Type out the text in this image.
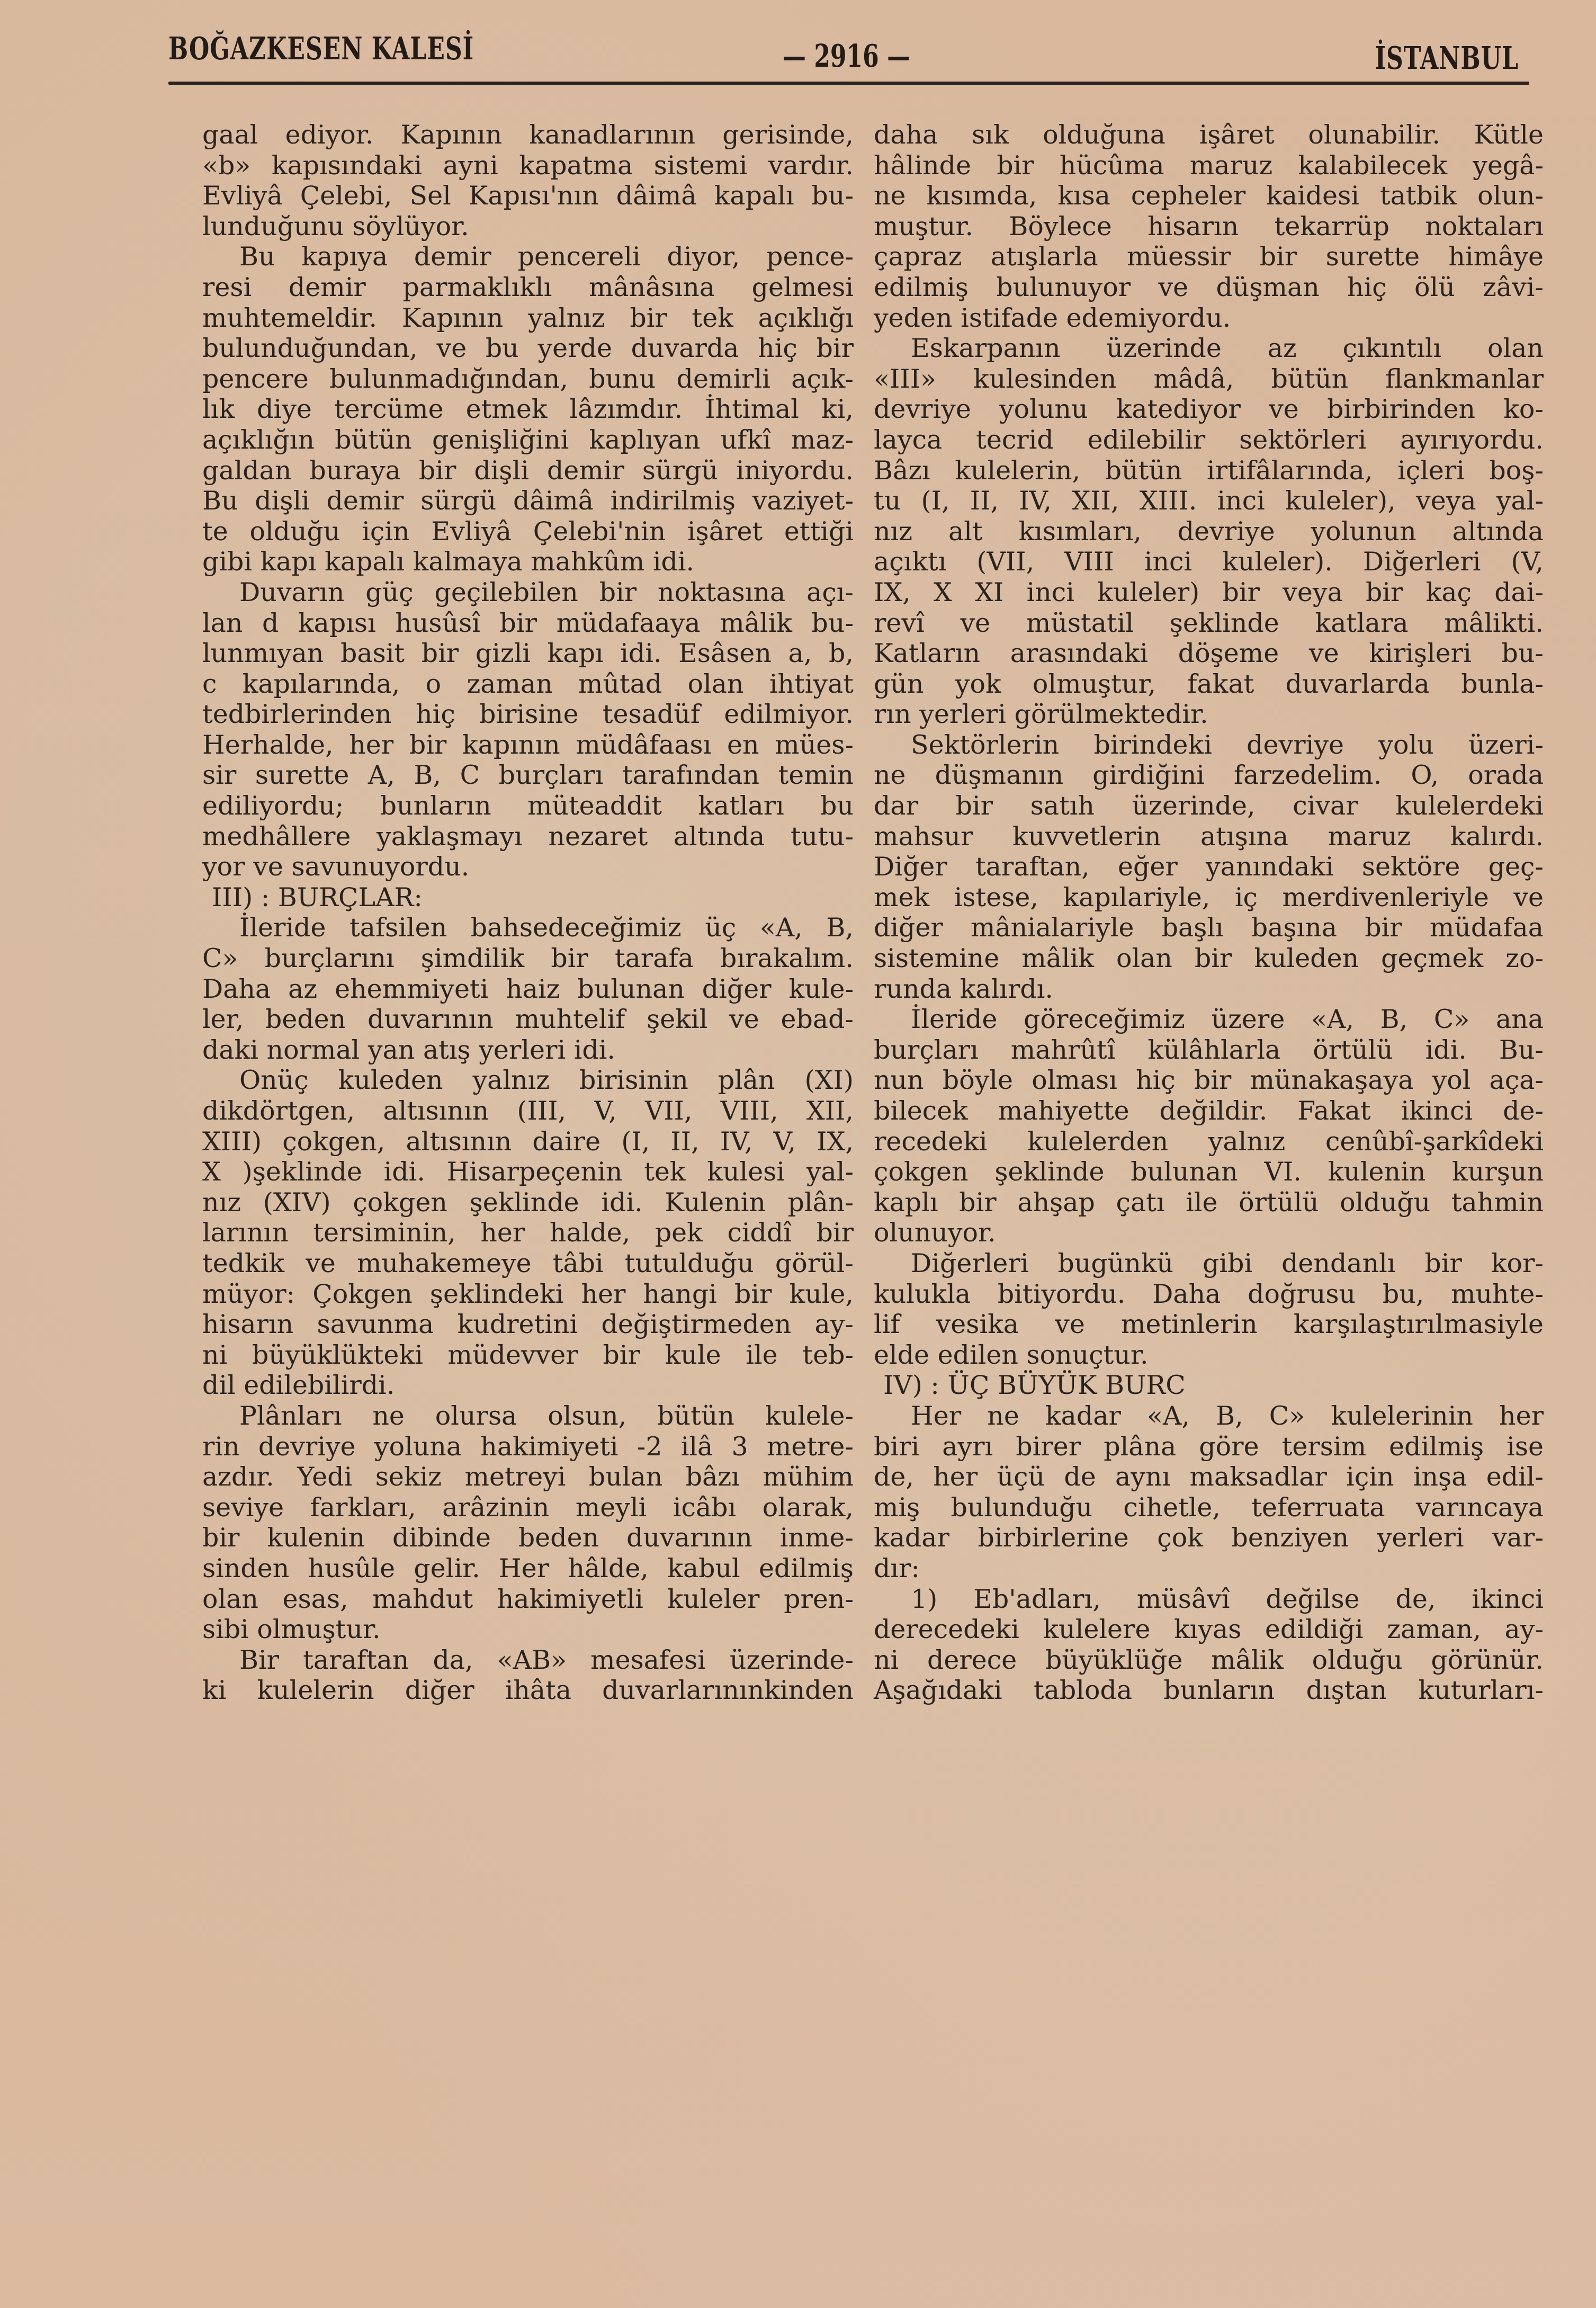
BOĞAZKESEN KALESİ	— 2916 —	İSTANBUL
gaal ediyor. Kapının kanadlarının gerisinde,
«b» kapısındaki ayni kapatma sistemi vardır.
Evliyâ Çelebi, Sel Kapısı'nın dâimâ kapalı bu-
lunduğunu söylüyor.
Bu kapıya demir pencereli diyor, pence-
resi demir parmaklıklı mânâsına gelmesi
muhtemeldir. Kapının yalnız bir tek açıklığı
bulunduğundan, ve bu yerde duvarda hiç bir
pencere bulunmadığından, bunu demirli açık-
lık diye tercüme etmek lâzımdır. İhtimal ki,
açıklığın bütün genişliğini kaplıyan ufkî maz-
galdan buraya bir dişli demir sürgü iniyordu.
Bu dişli demir sürgü dâimâ indirilmiş vaziyet-
te olduğu için Evliyâ Çelebi'nin işâret ettiği
gibi kapı kapalı kalmaya mahkûm idi.
Duvarın güç geçilebilen bir noktasına açı-
lan d kapısı husûsî bir müdafaaya mâlik bu-
lunmıyan basit bir gizli kapı idi. Esâsen a, b,
c kapılarında, o zaman mûtad olan ihtiyat
tedbirlerinden hiç birisine tesadüf edilmiyor.
Herhalde, her bir kapının müdâfaası en mües-
sir surette A, B, C burçları tarafından temin
ediliyordu; bunların müteaddit katları bu
medhâllere yaklaşmayı nezaret altında tutu-
yor ve savunuyordu.
III) : BURÇLAR:
İleride tafsilen bahsedeceğimiz üç «A, B,
C» burçlarını şimdilik bir tarafa bırakalım.
Daha az ehemmiyeti haiz bulunan diğer kule-
ler, beden duvarının muhtelif şekil ve ebad-
daki normal yan atış yerleri idi.
Onüç kuleden yalnız birisinin plân (XI)
dikdörtgen, altısının (III, V, VII, VIII, XII,
XIII) çokgen, altısının daire (I, II, IV, V, IX,
X )şeklinde idi. Hisarpeçenin tek kulesi yal-
nız (XIV) çokgen şeklinde idi. Kulenin plân-
larının tersiminin, her halde, pek ciddî bir
tedkik ve muhakemeye tâbi tutulduğu görül-
müyor: Çokgen şeklindeki her hangi bir kule,
hisarın savunma kudretini değiştirmeden ay-
ni büyüklükteki müdevver bir kule ile teb-
dil edilebilirdi.
Plânları ne olursa olsun, bütün kulele-
rin devriye yoluna hakimiyeti -2 ilâ 3 metre-
azdır. Yedi sekiz metreyi bulan bâzı mühim
seviye farkları, arâzinin meyli icâbı olarak,
bir kulenin dibinde beden duvarının inme-
sinden husûle gelir. Her hâlde, kabul edilmiş
olan esas, mahdut hakimiyetli kuleler pren-
sibi olmuştur.
Bir taraftan da, «AB» mesafesi üzerinde-
ki kulelerin diğer ihâta duvarlarınınkinden
daha sık olduğuna işâret olunabilir. Kütle
hâlinde bir hücûma maruz kalabilecek yegâ-
ne kısımda, kısa cepheler kaidesi tatbik olun-
muştur. Böylece hisarın tekarrüp noktaları
çapraz atışlarla müessir bir surette himâye
edilmiş bulunuyor ve düşman hiç ölü zâvi-
yeden istifade edemiyordu.
Eskarpanın üzerinde az çıkıntılı olan
«III» kulesinden mâdâ, bütün flankmanlar
devriye yolunu katediyor ve birbirinden ko-
layca tecrid edilebilir sektörleri ayırıyordu.
Bâzı kulelerin, bütün irtifâlarında, içleri boş-
tu (I, II, IV, XII, XIII. inci kuleler), veya yal-
nız alt kısımları, devriye yolunun altında
açıktı (VII, VIII inci kuleler). Diğerleri (V,
IX, X XI inci kuleler) bir veya bir kaç dai-
revî ve müstatil şeklinde katlara mâlikti.
Katların arasındaki döşeme ve kirişleri bu-
gün yok olmuştur, fakat duvarlarda bunla-
rın yerleri görülmektedir.
Sektörlerin birindeki devriye yolu üzeri-
ne düşmanın girdiğini farzedelim. O, orada
dar bir satıh üzerinde, civar kulelerdeki
mahsur kuvvetlerin atışına maruz kalırdı.
Diğer taraftan, eğer yanındaki sektöre geç-
mek istese, kapılariyle, iç merdivenleriyle ve
diğer mânialariyle başlı başına bir müdafaa
sistemine mâlik olan bir kuleden geçmek zo-
runda kalırdı.
İleride göreceğimiz üzere «A, B, C» ana
burçları mahrûtî külâhlarla örtülü idi. Bu-
nun böyle olması hiç bir münakaşaya yol aça-
bilecek mahiyette değildir. Fakat ikinci de-
recedeki kulelerden yalnız cenûbî-şarkîdeki
çokgen şeklinde bulunan VI. kulenin kurşun
kaplı bir ahşap çatı ile örtülü olduğu tahmin
olunuyor.
Diğerleri bugünkü gibi dendanlı bir kor-
kulukla bitiyordu. Daha doğrusu bu, muhte-
lif vesika ve metinlerin karşılaştırılmasiyle
elde edilen sonuçtur.
IV) : ÜÇ BÜYÜK BURC
Her ne kadar «A, B, C» kulelerinin her
biri ayrı birer plâna göre tersim edilmiş ise
de, her üçü de aynı maksadlar için inşa edil-
miş bulunduğu cihetle, teferruata varıncaya
kadar birbirlerine çok benziyen yerleri var-
dır:
1) Eb'adları, müsâvî değilse de, ikinci
derecedeki kulelere kıyas edildiği zaman, ay-
ni derece büyüklüğe mâlik olduğu görünür.
Aşağıdaki tabloda bunların dıştan kuturları-
